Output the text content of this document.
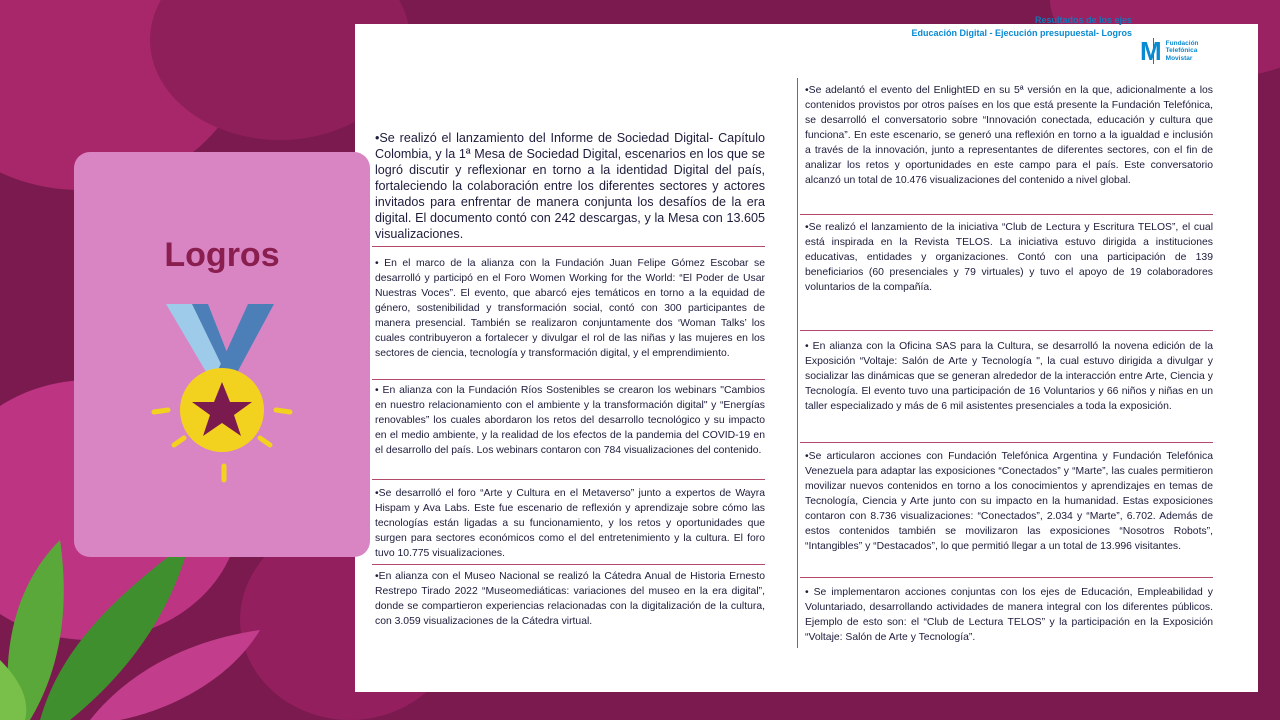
Resultados de los ejes
Educación Digital - Ejecución presupuestal- Logros
M Fundación
Telefónica
Movistar
Logros

•Se realizó el lanzamiento del Informe de Sociedad Digital- Capítulo Colombia, y la 1ª Mesa de Sociedad Digital, escenarios en los que se logró discutir y reflexionar en torno a la identidad Digital del país, fortaleciendo la colaboración entre los diferentes sectores y actores invitados para enfrentar de manera conjunta los desafíos de la era digital. El documento contó con 242 descargas, y la Mesa con 13.605 visualizaciones.

• En el marco de la alianza con la Fundación Juan Felipe Gómez Escobar se desarrolló y participó en el Foro Women Working for the World: “El Poder de Usar Nuestras Voces”. El evento, que abarcó ejes temáticos en torno a la equidad de género, sostenibilidad y transformación social, contó con 300 participantes de manera presencial. También se realizaron conjuntamente dos ‘Woman Talks’ los cuales contribuyeron a fortalecer y divulgar el rol de las niñas y las mujeres en los sectores de ciencia, tecnología y transformación digital, y el emprendimiento.

• En alianza con la Fundación Ríos Sostenibles se crearon los webinars "Cambios en nuestro relacionamiento con el ambiente y la transformación digital" y “Energías renovables” los cuales abordaron los retos del desarrollo tecnológico y su impacto en el medio ambiente, y la realidad de los efectos de la pandemia del COVID-19 en el desarrollo del país. Los webinars contaron con 784 visualizaciones del contenido.

•Se desarrolló el foro “Arte y Cultura en el Metaverso” junto a expertos de Wayra Hispam y Ava Labs. Este fue escenario de reflexión y aprendizaje sobre cómo las tecnologías están ligadas a su funcionamiento, y los retos y oportunidades que surgen para sectores económicos como el del entretenimiento y la cultura. El foro tuvo 10.775 visualizaciones.

•En alianza con el Museo Nacional se realizó la Cátedra Anual de Historia Ernesto Restrepo Tirado 2022 “Museomediáticas: variaciones del museo en la era digital”, donde se compartieron experiencias relacionadas con la digitalización de la cultura, con 3.059 visualizaciones de la Cátedra virtual.

•Se adelantó el evento del EnlightED en su 5ª versión en la que, adicionalmente a los contenidos provistos por otros países en los que está presente la Fundación Telefónica, se desarrolló el conversatorio sobre “Innovación conectada, educación y cultura que funciona”. En este escenario, se generó una reflexión en torno a la igualdad e inclusión a través de la innovación, junto a representantes de diferentes sectores, con el fin de analizar los retos y oportunidades en este campo para el país. Este conversatorio alcanzó un total de 10.476 visualizaciones del contenido a nivel global.

•Se realizó el lanzamiento de la iniciativa “Club de Lectura y Escritura TELOS”, el cual está inspirada en la Revista TELOS. La iniciativa estuvo dirigida a instituciones educativas, entidades y organizaciones. Contó con una participación de 139 beneficiarios (60 presenciales y 79 virtuales) y tuvo el apoyo de 19 colaboradores voluntarios de la compañía.

• En alianza con la Oficina SAS para la Cultura, se desarrolló la novena edición de la Exposición “Voltaje: Salón de Arte y Tecnología ", la cual estuvo dirigida a divulgar y socializar las dinámicas que se generan alrededor de la interacción entre Arte, Ciencia y Tecnología. El evento tuvo una participación de 16 Voluntarios y 66 niños y niñas en un taller especializado y más de 6 mil asistentes presenciales a toda la exposición.

•Se articularon acciones con Fundación Telefónica Argentina y Fundación Telefónica Venezuela para adaptar las exposiciones “Conectados” y “Marte”, las cuales permitieron movilizar nuevos contenidos en torno a los conocimientos y aprendizajes en temas de Tecnología, Ciencia y Arte junto con su impacto en la humanidad. Estas exposiciones contaron con 8.736 visualizaciones: “Conectados”, 2.034 y “Marte”, 6.702. Además de estos contenidos también se movilizaron las exposiciones “Nosotros Robots”, “Intangibles” y “Destacados”, lo que permitió llegar a un total de 13.996 visitantes.

• Se implementaron acciones conjuntas con los ejes de Educación, Empleabilidad y Voluntariado, desarrollando actividades de manera integral con los diferentes públicos. Ejemplo de esto son: el “Club de Lectura TELOS” y la participación en la Exposición “Voltaje: Salón de Arte y Tecnología”.
